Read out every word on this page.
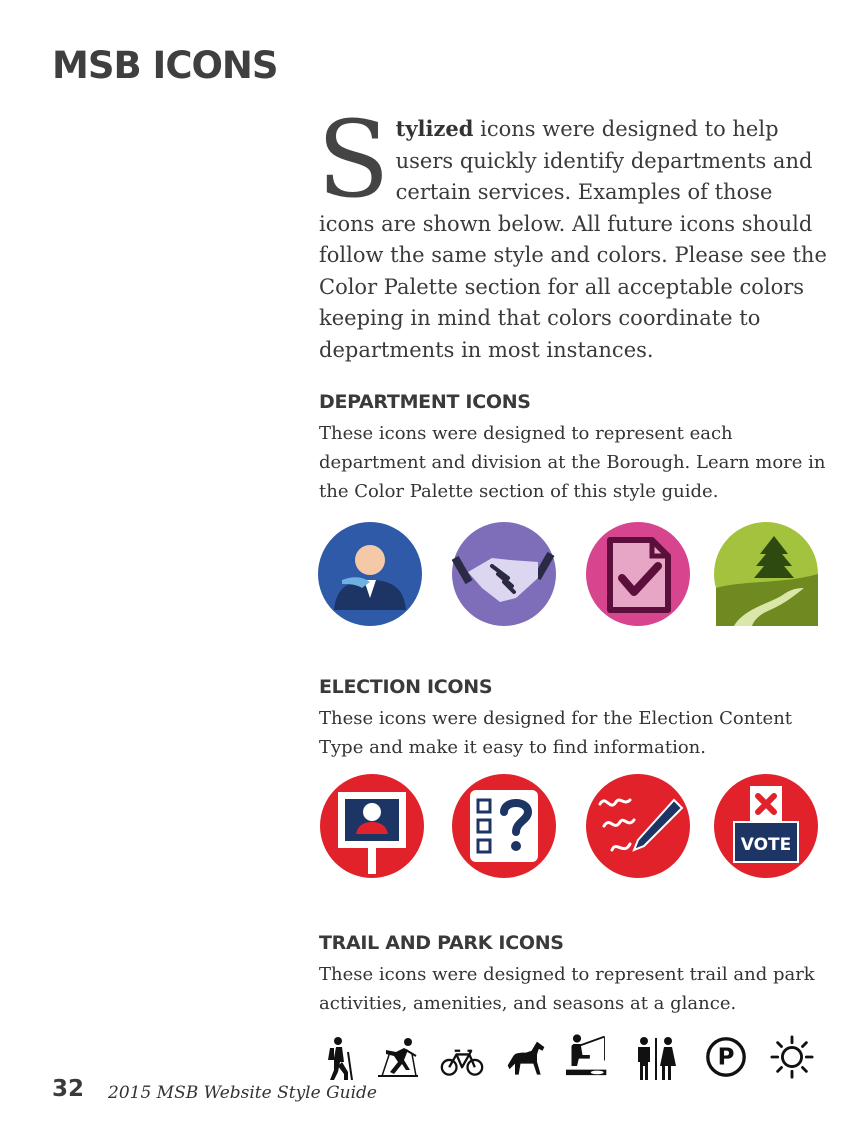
MSB ICONS

Stylized icons were designed to help users quickly identify departments and certain services. Examples of those icons are shown below. All future icons should follow the same style and colors. Please see the Color Palette section for all acceptable colors keeping in mind that colors coordinate to departments in most instances.

DEPARTMENT ICONS

These icons were designed to represent each department and division at the Borough. Learn more in the Color Palette section of this style guide.

ELECTION ICONS

These icons were designed for the Election Content Type and make it easy to find information.

VOTE
TRAIL AND PARK ICONS

These icons were designed to represent trail and park activities, amenities, and seasons at a glance.

P

32 2015 MSB Website Style Guide
